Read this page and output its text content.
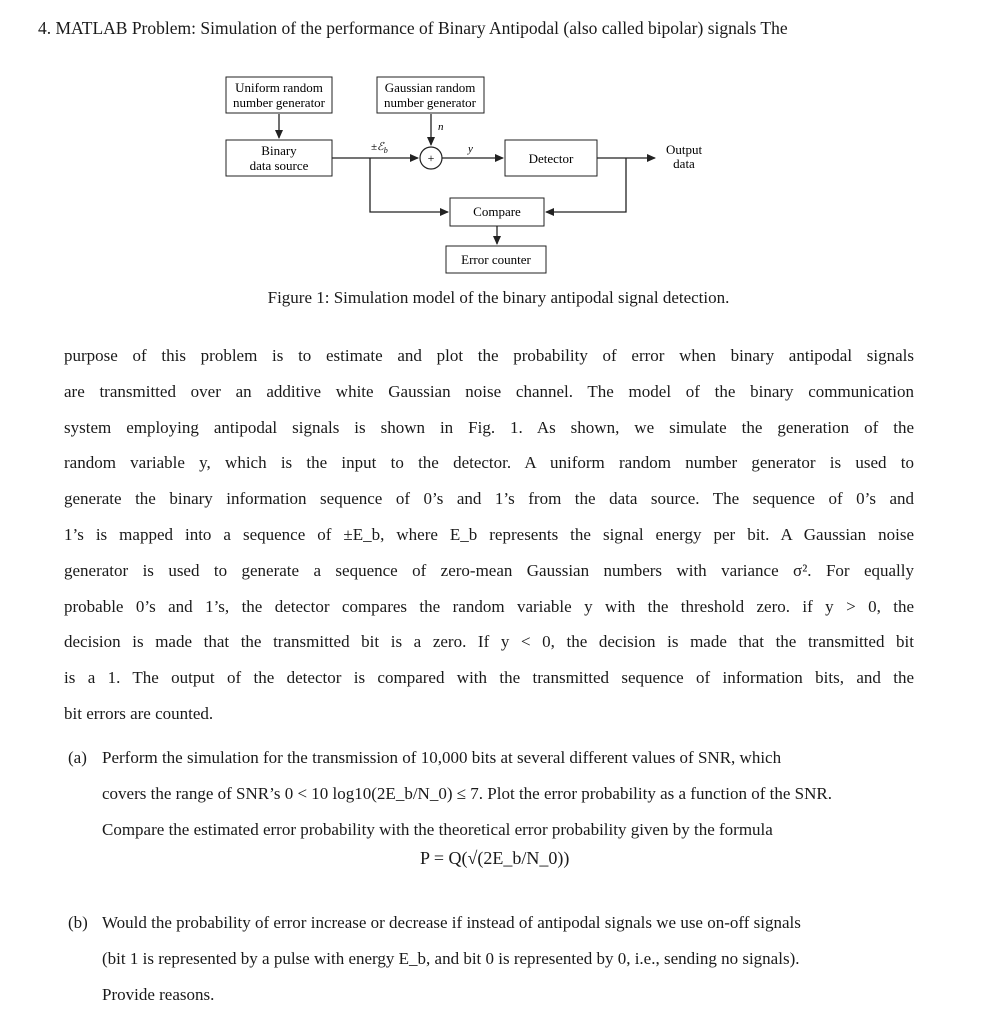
4. MATLAB Problem: Simulation of the performance of Binary Antipodal (also called bipolar) signals The
Uniform random
number generator
Gaussian random
number generator
Binary
data source	+	Detector
Output
data
Compare
Error counter
n
y
±ℰ$_b$
Figure 1: Simulation model of the binary antipodal signal detection.
purpose of this problem is to estimate and plot the probability of error when binary antipodal signals
are transmitted over an additive white Gaussian noise channel. The model of the binary communication
system employing antipodal signals is shown in Fig. 1. As shown, we simulate the generation of the
random variable y, which is the input to the detector. A uniform random number generator is used to
generate the binary information sequence of 0’s and 1’s from the data source. The sequence of 0’s and
1’s is mapped into a sequence of ±E_b, where E_b represents the signal energy per bit. A Gaussian noise
generator is used to generate a sequence of zero-mean Gaussian numbers with variance σ². For equally
probable 0’s and 1’s, the detector compares the random variable y with the threshold zero. if y > 0, the
decision is made that the transmitted bit is a zero. If y < 0, the decision is made that the transmitted bit
is a 1. The output of the detector is compared with the transmitted sequence of information bits, and the
bit errors are counted.
(a) Perform the simulation for the transmission of 10,000 bits at several different values of SNR, which
covers the range of SNR’s 0 < 10 log10(2E_b/N_0) ≤ 7. Plot the error probability as a function of the SNR.
Compare the estimated error probability with the theoretical error probability given by the formula
P = Q(√(2E_b/N_0))
(b) Would the probability of error increase or decrease if instead of antipodal signals we use on-off signals
(bit 1 is represented by a pulse with energy E_b, and bit 0 is represented by 0, i.e., sending no signals).
Provide reasons.
